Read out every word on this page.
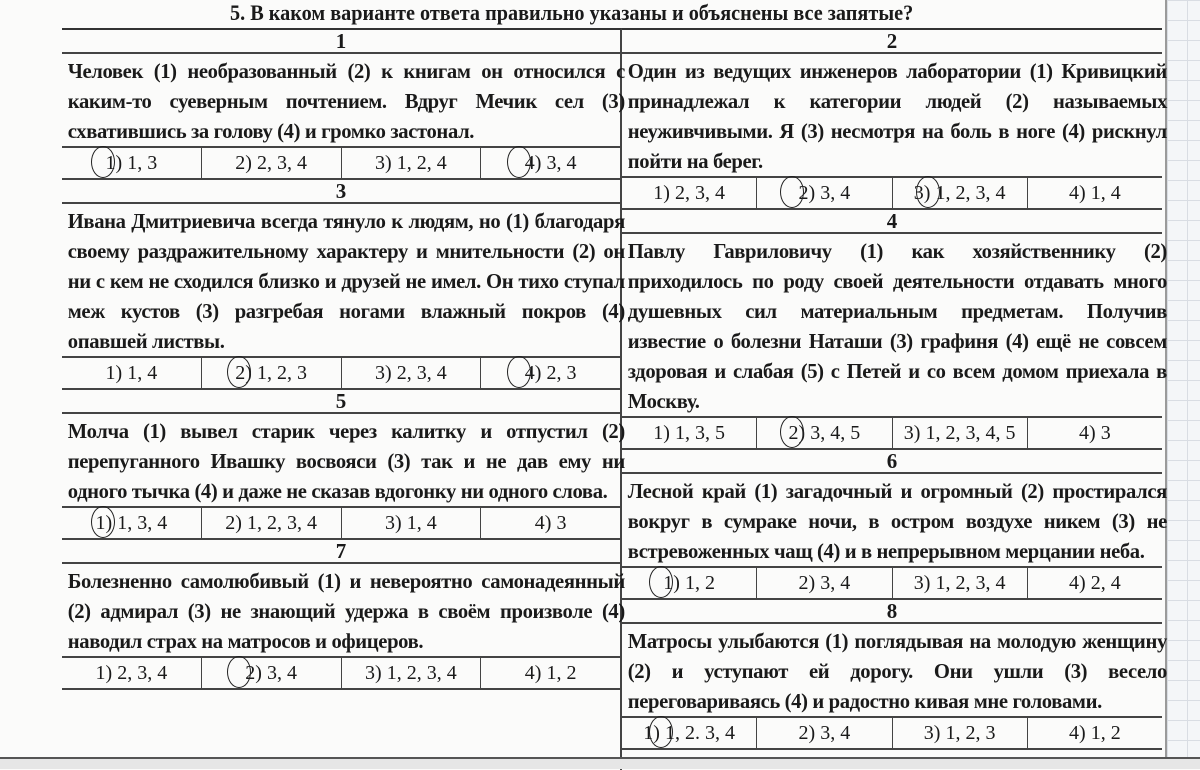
5. В каком варианте ответа правильно указаны и объяснены все запятые?
1
Человек (1) необразованный (2) к книгам он относился с каким-то суеверным почтением. Вдруг Мечик сел (3) схватившись за голову (4) и громко застонал.
1) 1, 3	2) 2, 3, 4	3) 1, 2, 4	4) 3, 4
3
Ивана Дмитриевича всегда тянуло к людям, но (1) благодаря своему раздражительному характеру и мнительности (2) он ни с кем не сходился близко и друзей не имел. Он тихо ступал меж кустов (3) разгребая ногами влажный покров (4) опавшей листвы.
1) 1, 4	2) 1, 2, 3	3) 2, 3, 4	4) 2, 3
5
Молча (1) вывел старик через калитку и отпустил (2) перепуганного Ивашку восвояси (3) так и не дав ему ни одного тычка (4) и даже не сказав вдогонку ни одного слова.
1) 1, 3, 4	2) 1, 2, 3, 4	3) 1, 4	4) 3
7
Болезненно самолюбивый (1) и невероятно самонадеянный (2) адмирал (3) не знающий удержа в своём произволе (4) наводил страх на матросов и офицеров.
1) 2, 3, 4	2) 3, 4	3) 1, 2, 3, 4	4) 1, 2
2
Один из ведущих инженеров лаборатории (1) Кривицкий принадлежал к категории людей (2) называемых неуживчивыми. Я (3) несмотря на боль в ноге (4) рискнул пойти на берег.
1) 2, 3, 4	2) 3, 4	3) 1, 2, 3, 4	4) 1, 4
4
Павлу Гавриловичу (1) как хозяйственнику (2) приходилось по роду своей деятельности отдавать много душевных сил материальным предметам. Получив известие о болезни Наташи (3) графиня (4) ещё не совсем здоровая и слабая (5) с Петей и со всем домом приехала в Москву.
1) 1, 3, 5	2) 3, 4, 5 3) 1, 2, 3, 4, 5	4) 3
6
Лесной край (1) загадочный и огромный (2) простирался вокруг в сумраке ночи, в остром воздухе никем (3) не встревоженных чащ (4) и в непрерывном мерцании неба.
1) 1, 2	2) 3, 4	3) 1, 2, 3, 4	4) 2, 4
8
Матросы улыбаются (1) поглядывая на молодую женщину (2) и уступают ей дорогу. Они ушли (3) весело переговариваясь (4) и радостно кивая мне головами.
1) 1, 2. 3, 4	2) 3, 4	3) 1, 2, 3	4) 1, 2
